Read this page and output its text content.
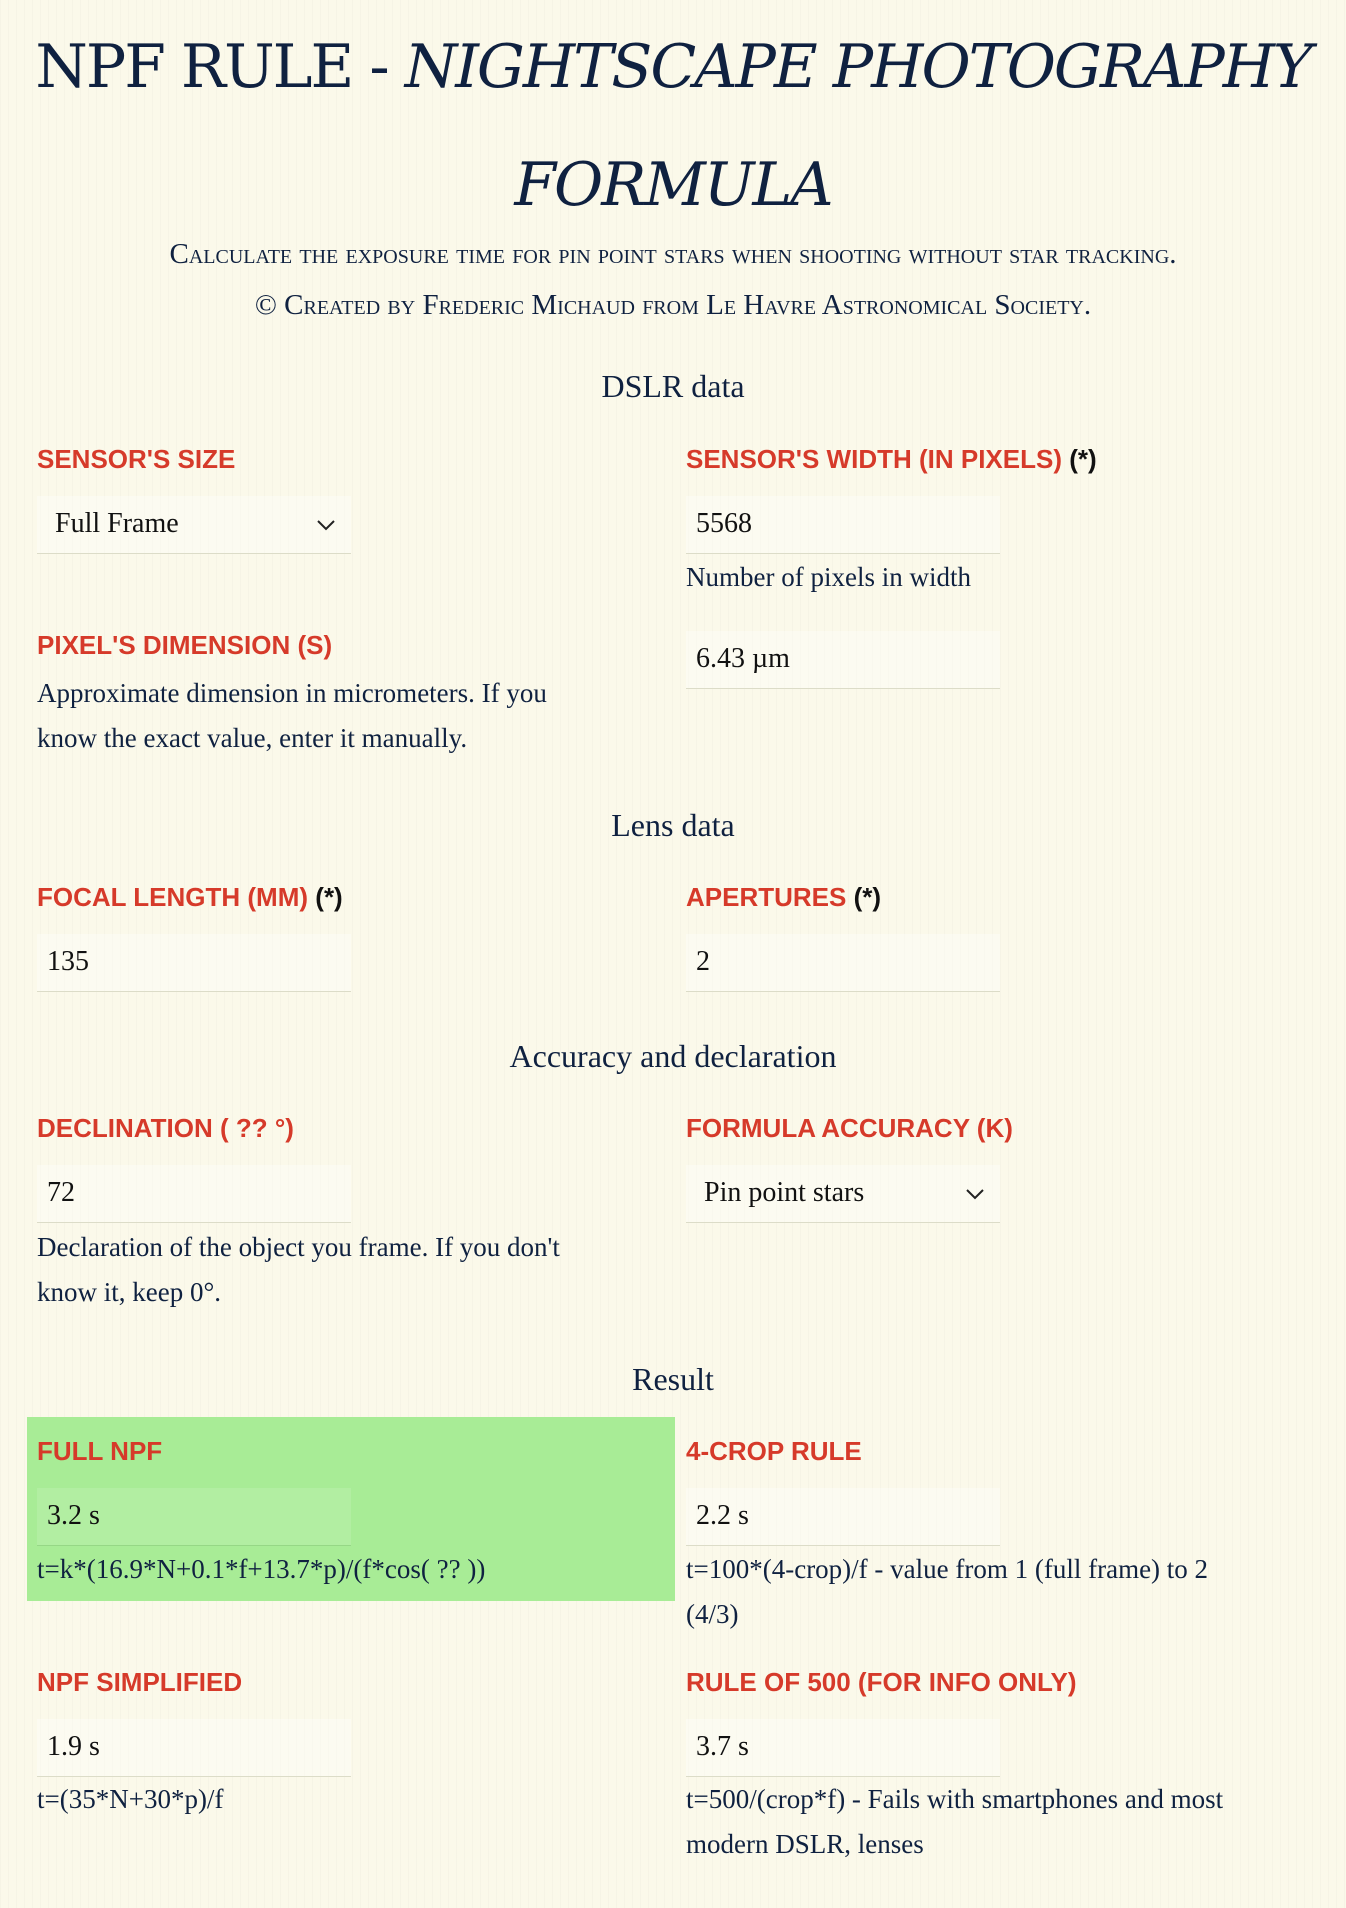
NPF RULE - NIGHTSCAPE PHOTOGRAPHY
FORMULA
Calculate the exposure time for pin point stars when shooting without star tracking.
© Created by Frederic Michaud from Le Havre Astronomical Society.
DSLR data
SENSOR'S SIZE
Full Frame
SENSOR'S WIDTH (IN PIXELS) (*)
5568
Number of pixels in width
PIXEL'S DIMENSION (S)
Approximate dimension in micrometers. If you
know the exact value, enter it manually.
6.43 µm
Lens data
FOCAL LENGTH (MM) (*)
135
APERTURES (*)
2
Accuracy and declaration
DECLINATION ( ?? °)
72
Declaration of the object you frame. If you don't
know it, keep 0°.
FORMULA ACCURACY (K)
Pin point stars
Result
FULL NPF
3.2 s
t=k*(16.9*N+0.1*f+13.7*p)/(f*cos( ?? ))
4-CROP RULE
2.2 s
t=100*(4-crop)/f - value from 1 (full frame) to 2
(4/3)
NPF SIMPLIFIED
1.9 s
t=(35*N+30*p)/f
RULE OF 500 (FOR INFO ONLY)
3.7 s
t=500/(crop*f) - Fails with smartphones and most
modern DSLR, lenses
